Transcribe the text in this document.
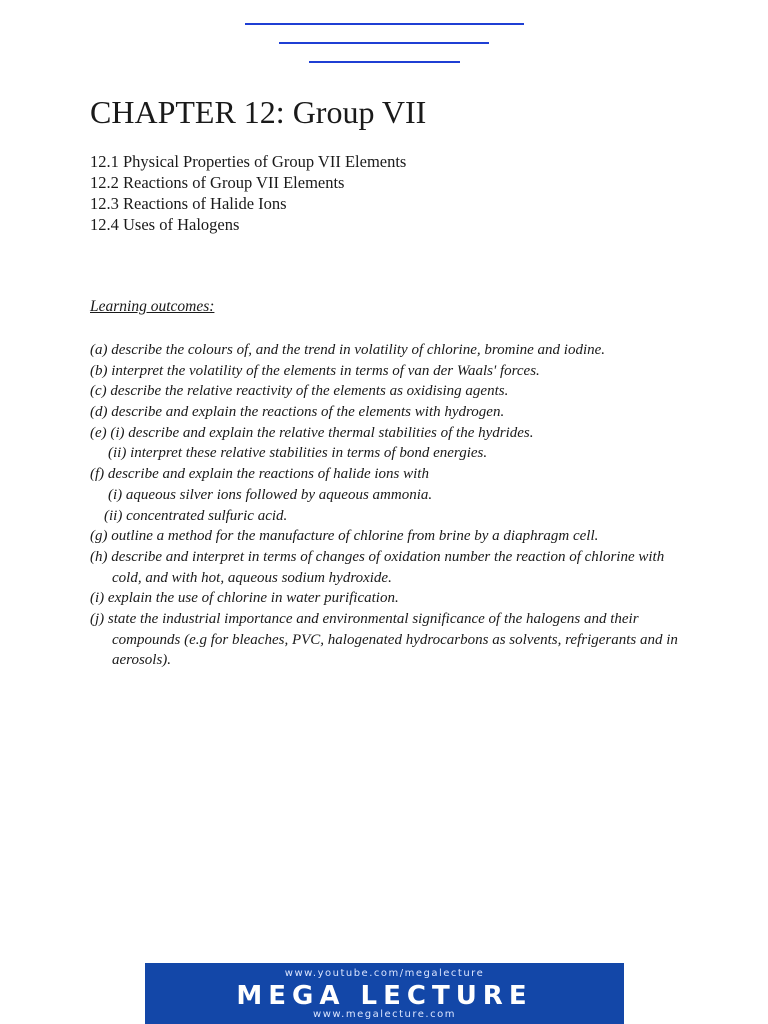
CHAPTER 12: Group VII
12.1 Physical Properties of Group VII Elements
12.2 Reactions of Group VII Elements
12.3 Reactions of Halide Ions
12.4 Uses of Halogens
Learning outcomes:
(a) describe the colours of, and the trend in volatility of chlorine, bromine and iodine.
(b) interpret the volatility of the elements in terms of van der Waals' forces.
(c) describe the relative reactivity of the elements as oxidising agents.
(d) describe and explain the reactions of the elements with hydrogen.
(e) (i) describe and explain the relative thermal stabilities of the hydrides.
(ii) interpret these relative stabilities in terms of bond energies.
(f) describe and explain the reactions of halide ions with
(i) aqueous silver ions followed by aqueous ammonia.
(ii) concentrated sulfuric acid.
(g) outline a method for the manufacture of chlorine from brine by a diaphragm cell.
(h) describe and interpret in terms of changes of oxidation number the reaction of chlorine with
cold, and with hot, aqueous sodium hydroxide.
(i) explain the use of chlorine in water purification.
(j) state the industrial importance and environmental significance of the halogens and their
compounds (e.g for bleaches, PVC, halogenated hydrocarbons as solvents, refrigerants and in
aerosols).
www.youtube.com/megalecture
MEGA LECTURE
www.megalecture.com
